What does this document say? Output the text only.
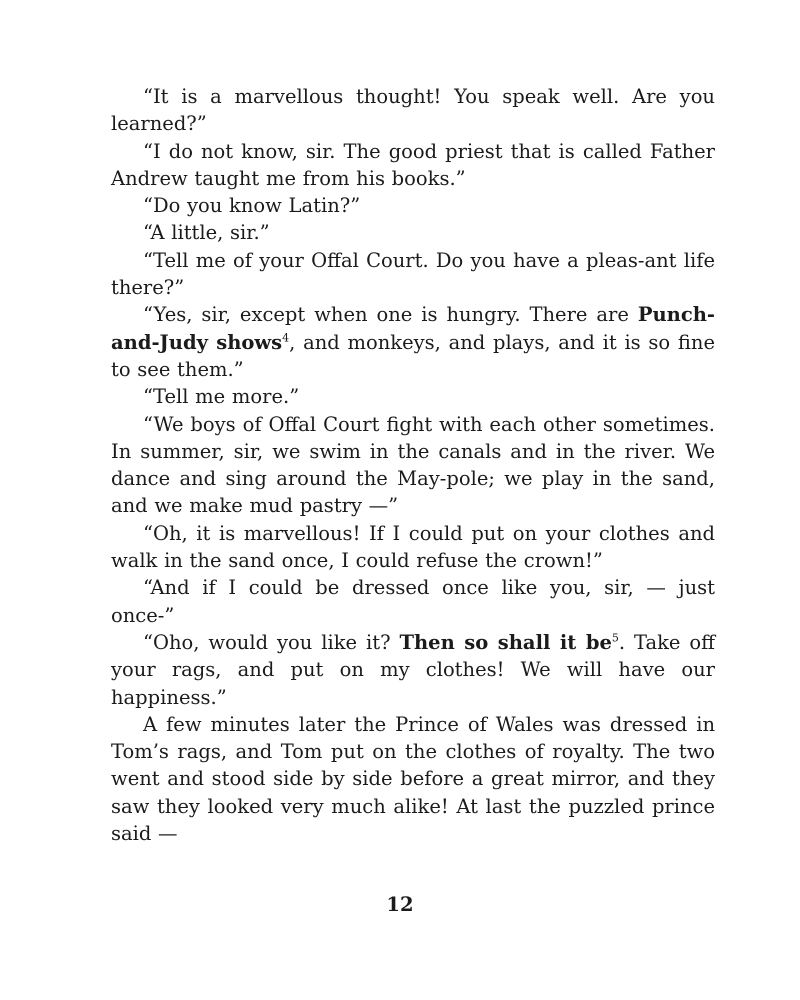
“It is a marvellous thought! You speak well. Are you learned?”

“I do not know, sir. The good priest that is called Father Andrew taught me from his books.”

“Do you know Latin?”

“A little, sir.”

“Tell me of your Offal Court. Do you have a pleas-ant life there?”

“Yes, sir, except when one is hungry. There are Punch-and-Judy shows$^4$, and monkeys, and plays, and it is so fine to see them.”

“Tell me more.”

“We boys of Offal Court fight with each other sometimes. In summer, sir, we swim in the canals and in the river. We dance and sing around the May-pole; we play in the sand, and we make mud pastry —”

“Oh, it is marvellous! If I could put on your clothes and walk in the sand once, I could refuse the crown!”

“And if I could be dressed once like you, sir, — just once-”

“Oho, would you like it? Then so shall it $be^5$. Take off your rags, and put on my clothes! We will have our happiness.”

A few minutes later the Prince of Wales was dressed in Tom’s rags, and Tom put on the clothes of royalty. The two went and stood side by side before a great mirror, and they saw they looked very much alike! At last the puzzled prince said —

12
